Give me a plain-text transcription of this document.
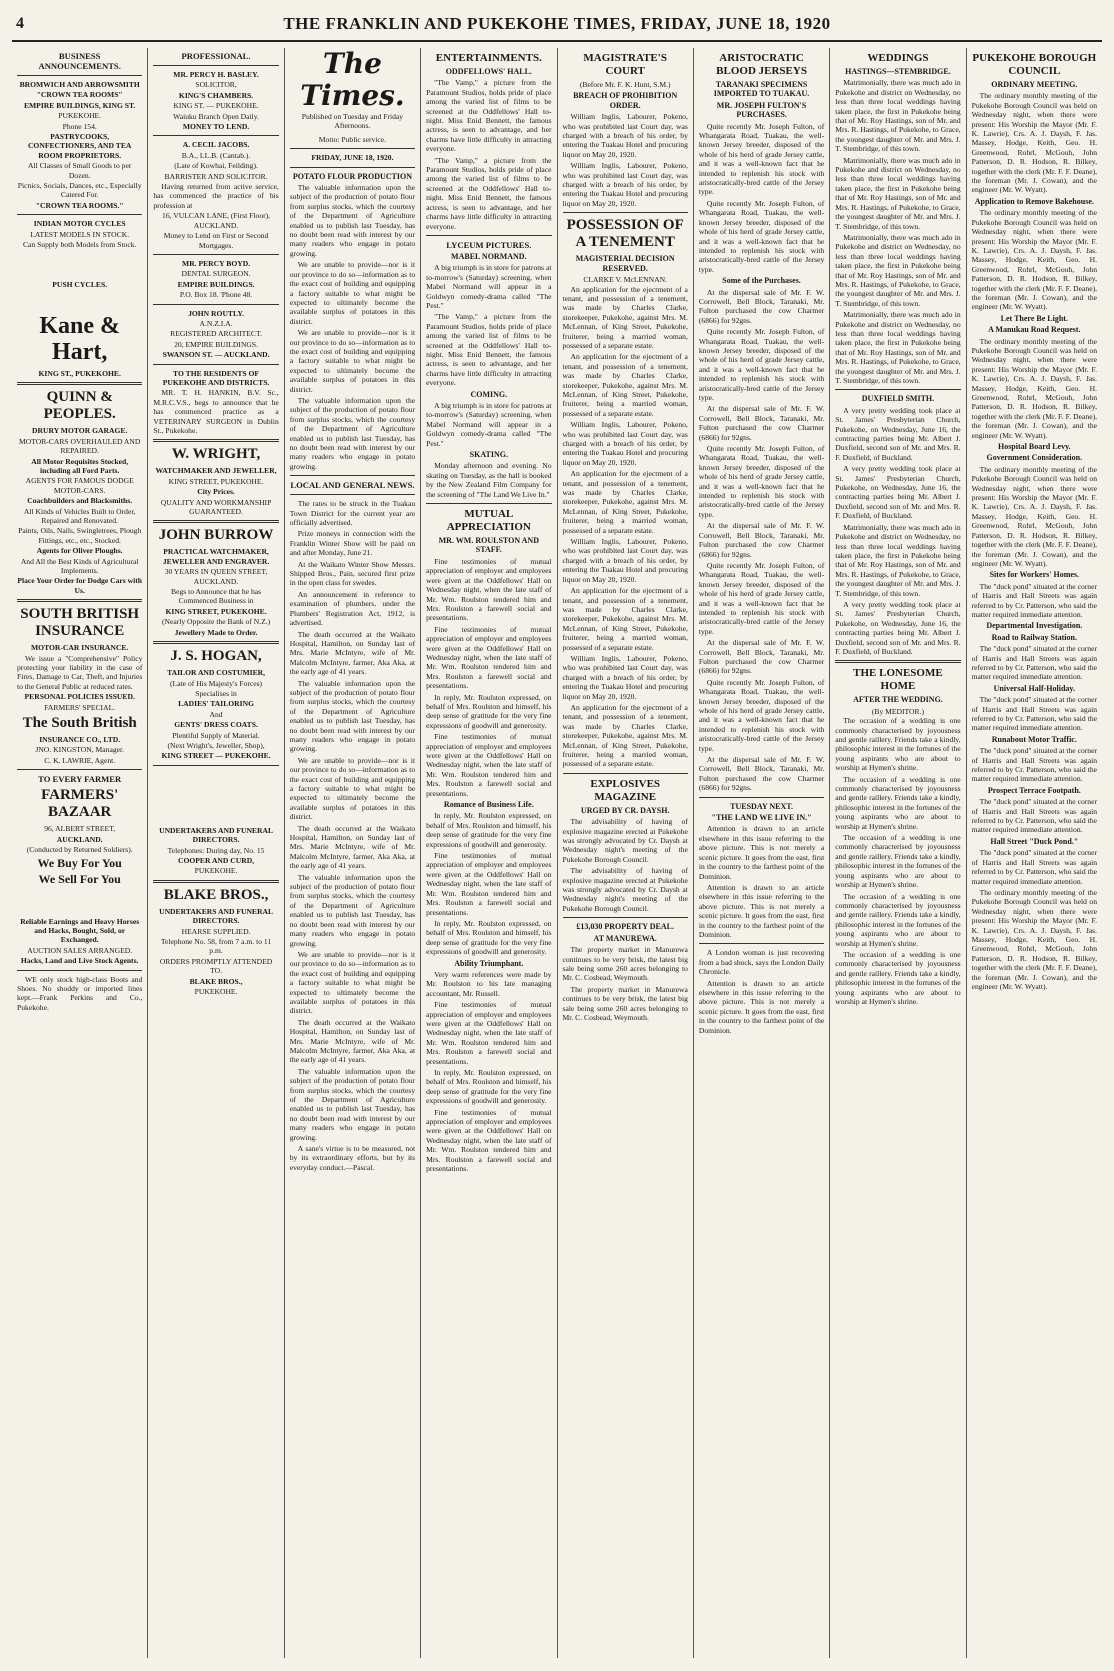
4	THE FRANKLIN AND PUKEKOHE TIMES, FRIDAY, JUNE 18, 1920
BUSINESS ANNOUNCEMENTS.

BROMWICH AND ARROWSMITH

"CROWN TEA ROOMS"

EMPIRE BUILDINGS, KING ST.

PUKEKOHE.

Phone 154.

PASTRYCOOKS, CONFECTIONERS, AND TEA ROOM PROPRIETORS.

All Classes of Small Goods to per Dozen.

Picnics, Socials, Dances, etc., Especially Catered For.

"CROWN TEA ROOMS."

INDIAN MOTOR CYCLES

LATEST MODELS IN STOCK.

Can Supply both Models from Stock.

PUSH CYCLES.

Kane & Hart,
KING ST., PUKEKOHE.
QUINN & PEOPLES.

DRURY MOTOR GARAGE.

MOTOR-CARS OVERHAULED AND REPAIRED.

All Motor Requisites Stocked, including all Ford Parts.

AGENTS FOR FAMOUS DODGE MOTOR-CARS.

Coachbuilders and Blacksmiths.

All Kinds of Vehicles Built to Order, Repaired and Renovated.

Paints, Oils, Nails, Swingletrees, Plough Fittings, etc., etc., Stocked.

Agents for Oliver Ploughs.

And All the Best Kinds of Agricultural Implements.

Place Your Order for Dodge Cars with Us.

SOUTH BRITISH INSURANCE

MOTOR-CAR INSURANCE.

We issue a "Comprehensive" Policy protecting your liability in the case of Fires, Damage to Car, Theft, and Injuries to the General Public at reduced rates.

PERSONAL POLICIES ISSUED.

FARMERS' SPECIAL.

The South British

INSURANCE CO., LTD.

JNO. KINGSTON, Manager.

C. K. LAWRIE, Agent.

TO EVERY FARMER
FARMERS' BAZAAR

96, ALBERT STREET,

AUCKLAND.

(Conducted by Returned Soldiers).

We Buy For You

We Sell For You

Reliable Earnings and Heavy Horses and Hacks, Bought, Sold, or Exchanged.

AUCTION SALES ARRANGED.

Hacks, Land and Live Stock Agents.

WE only stock high-class Boots and Shoes. No shoddy or imported lines kept.—Frank Perkins and Co., Pukekohe.

PROFESSIONAL.

MR. PERCY H. BASLEY.

SOLICITOR,

KING'S CHAMBERS.

KING ST. — PUKEKOHE.

Waiuku Branch Open Daily.

MONEY TO LEND.

A. CECIL JACOBS.

B.A., LL.B. (Cantab.).

(Late of Kowhai, Feilding).

BARRISTER AND SOLICITOR.

Having returned from active service, has commenced the practice of his profession at

16, VULCAN LANE, (First Floor), AUCKLAND.

Money to Lend on First or Second Mortgages.

MR. PERCY BOYD.

DENTAL SURGEON.

EMPIRE BUILDINGS.

P.O. Box 18. 'Phone 48.

JOHN ROUTLY.

A.N.Z.I.A.

REGISTERED ARCHITECT.

20, EMPIRE BUILDINGS.

SWANSON ST. — AUCKLAND.

TO THE RESIDENTS OF PUKEKOHE AND DISTRICTS.

MR. T. H. HANKIN, B.V. Sc., M.R.C.V.S., begs to announce that he has commenced practice as a VETERINARY SURGEON in Dublin St., Pukekohe.

W. WRIGHT,

WATCHMAKER AND JEWELLER,

KING STREET, PUKEKOHE.

City Prices.

QUALITY AND WORKMANSHIP GUARANTEED.

JOHN BURROW

PRACTICAL WATCHMAKER, JEWELLER AND ENGRAVER.

30 YEARS IN QUEEN STREET, AUCKLAND.

Begs to Announce that he has Commenced Business in

KING STREET, PUKEKOHE.

(Nearly Opposite the Bank of N.Z.)

Jewellery Made to Order.

J. S. HOGAN,

TAILOR AND COSTUMIER,

(Late of His Majesty's Forces)

Specialises in

LADIES' TAILORING

And

GENTS' DRESS COATS.

Plentiful Supply of Material.

(Next Wright's, Jeweller, Shop),

KING STREET — PUKEKOHE.

UNDERTAKERS AND FUNERAL DIRECTORS.

Telephones: During day, No. 15

COOPER AND CURD,

PUKEKOHE.

BLAKE BROS.,

UNDERTAKERS AND FUNERAL DIRECTORS.

HEARSE SUPPLIED.

Telephone No. 58, from 7 a.m. to 11 p.m.

ORDERS PROMPTLY ATTENDED TO.

BLAKE BROS.,

PUKEKOHE.

The Times.

Published on Tuesday and Friday Afternoons.

Motto: Public service.

FRIDAY, JUNE 18, 1920.

POTATO FLOUR PRODUCTION

The valuable information upon the subject of the production of potato flour from surplus stocks, which the courtesy of the Department of Agriculture enabled us to publish last Tuesday, has no doubt been read with interest by our many readers who engage in potato growing.

We are unable to provide—nor is it our province to do so—information as to the exact cost of building and equipping a factory suitable to what might be expected to ultimately become the available surplus of potatoes in this district.

We are unable to provide—nor is it our province to do so—information as to the exact cost of building and equipping a factory suitable to what might be expected to ultimately become the available surplus of potatoes in this district.

The valuable information upon the subject of the production of potato flour from surplus stocks, which the courtesy of the Department of Agriculture enabled us to publish last Tuesday, has no doubt been read with interest by our many readers who engage in potato growing.

LOCAL AND GENERAL NEWS.

The rates to be struck in the Tuakau Town District for the current year are officially advertised.

Prize moneys in connection with the Franklin Winter Show will be paid on and after Monday, June 21.

At the Waikato Winter Show Messrs. Shipped Bros., Pain, secured first prize in the open class for swedes.

An announcement in reference to examination of plumbers, under the Plumbers' Registration Act, 1912, is advertised.

The death occurred at the Waikato Hospital, Hamilton, on Sunday last of Mrs. Marie McIntyre, wife of Mr. Malcolm McIntyre, farmer, Aka Aka, at the early age of 41 years.

The valuable information upon the subject of the production of potato flour from surplus stocks, which the courtesy of the Department of Agriculture enabled us to publish last Tuesday, has no doubt been read with interest by our many readers who engage in potato growing.

We are unable to provide—nor is it our province to do so—information as to the exact cost of building and equipping a factory suitable to what might be expected to ultimately become the available surplus of potatoes in this district.

The death occurred at the Waikato Hospital, Hamilton, on Sunday last of Mrs. Marie McIntyre, wife of Mr. Malcolm McIntyre, farmer, Aka Aka, at the early age of 41 years.

The valuable information upon the subject of the production of potato flour from surplus stocks, which the courtesy of the Department of Agriculture enabled us to publish last Tuesday, has no doubt been read with interest by our many readers who engage in potato growing.

We are unable to provide—nor is it our province to do so—information as to the exact cost of building and equipping a factory suitable to what might be expected to ultimately become the available surplus of potatoes in this district.

The death occurred at the Waikato Hospital, Hamilton, on Sunday last of Mrs. Marie McIntyre, wife of Mr. Malcolm McIntyre, farmer, Aka Aka, at the early age of 41 years.

The valuable information upon the subject of the production of potato flour from surplus stocks, which the courtesy of the Department of Agriculture enabled us to publish last Tuesday, has no doubt been read with interest by our many readers who engage in potato growing.

A sane's virtue is to be measured, not by its extraordinary efforts, but by its everyday conduct.—Pascal.

ENTERTAINMENTS.
ODDFELLOWS' HALL.

"The Vamp," a picture from the Paramount Studios, holds pride of place among the varied list of films to be screened at the Oddfellows' Hall to-night. Miss Enid Bennett, the famous actress, is seen to advantage, and her charms have little difficulty in attracting everyone.

"The Vamp," a picture from the Paramount Studios, holds pride of place among the varied list of films to be screened at the Oddfellows' Hall to-night. Miss Enid Bennett, the famous actress, is seen to advantage, and her charms have little difficulty in attracting everyone.

LYCEUM PICTURES.
MABEL NORMAND.

A big triumph is in store for patrons at to-morrow's (Saturday) screening, when Mabel Normand will appear in a Goldwyn comedy-drama called "The Pest."

"The Vamp," a picture from the Paramount Studios, holds pride of place among the varied list of films to be screened at the Oddfellows' Hall to-night. Miss Enid Bennett, the famous actress, is seen to advantage, and her charms have little difficulty in attracting everyone.

COMING.

A big triumph is in store for patrons at to-morrow's (Saturday) screening, when Mabel Normand will appear in a Goldwyn comedy-drama called "The Pest."

SKATING.

Monday afternoon and evening. No skating on Tuesday, as the hall is booked by the New Zealand Film Company for the screening of "The Land We Live In."

MUTUAL APPRECIATION
MR. WM. ROULSTON AND STAFF.

Fine testimonies of mutual appreciation of employer and employees were given at the Oddfellows' Hall on Wednesday night, when the late staff of Mr. Wm. Roulston tendered him and Mrs. Roulston a farewell social and presentations.

Fine testimonies of mutual appreciation of employer and employees were given at the Oddfellows' Hall on Wednesday night, when the late staff of Mr. Wm. Roulston tendered him and Mrs. Roulston a farewell social and presentations.

In reply, Mr. Roulston expressed, on behalf of Mrs. Roulston and himself, his deep sense of gratitude for the very fine expressions of goodwill and generosity.

Fine testimonies of mutual appreciation of employer and employees were given at the Oddfellows' Hall on Wednesday night, when the late staff of Mr. Wm. Roulston tendered him and Mrs. Roulston a farewell social and presentations.

Romance of Business Life.

In reply, Mr. Roulston expressed, on behalf of Mrs. Roulston and himself, his deep sense of gratitude for the very fine expressions of goodwill and generosity.

Fine testimonies of mutual appreciation of employer and employees were given at the Oddfellows' Hall on Wednesday night, when the late staff of Mr. Wm. Roulston tendered him and Mrs. Roulston a farewell social and presentations.

In reply, Mr. Roulston expressed, on behalf of Mrs. Roulston and himself, his deep sense of gratitude for the very fine expressions of goodwill and generosity.

Ability Triumphant.

Very warm references were made by Mr. Roulston to his late managing accountant, Mr. Russell.

Fine testimonies of mutual appreciation of employer and employees were given at the Oddfellows' Hall on Wednesday night, when the late staff of Mr. Wm. Roulston tendered him and Mrs. Roulston a farewell social and presentations.

In reply, Mr. Roulston expressed, on behalf of Mrs. Roulston and himself, his deep sense of gratitude for the very fine expressions of goodwill and generosity.

Fine testimonies of mutual appreciation of employer and employees were given at the Oddfellows' Hall on Wednesday night, when the late staff of Mr. Wm. Roulston tendered him and Mrs. Roulston a farewell social and presentations.

MAGISTRATE'S COURT

(Before Mr. F. K. Hunt, S.M.)

BREACH OF PROHIBITION ORDER.

William Inglis, Labourer, Pokeno, who was prohibited last Court day, was charged with a breach of his order, by entering the Tuakau Hotel and procuring liquor on May 20, 1920.

William Inglis, Labourer, Pokeno, who was prohibited last Court day, was charged with a breach of his order, by entering the Tuakau Hotel and procuring liquor on May 20, 1920.

POSSESSION OF A TENEMENT
MAGISTERIAL DECISION RESERVED.

CLARKE V. McLENNAN.

An application for the ejectment of a tenant, and possession of a tenement, was made by Charles Clarke, storekeeper, Pukekohe, against Mrs. M. McLennan, of King Street, Pukekohe, fruiterer, being a married woman, possessed of a separate estate.

An application for the ejectment of a tenant, and possession of a tenement, was made by Charles Clarke, storekeeper, Pukekohe, against Mrs. M. McLennan, of King Street, Pukekohe, fruiterer, being a married woman, possessed of a separate estate.

William Inglis, Labourer, Pokeno, who was prohibited last Court day, was charged with a breach of his order, by entering the Tuakau Hotel and procuring liquor on May 20, 1920.

An application for the ejectment of a tenant, and possession of a tenement, was made by Charles Clarke, storekeeper, Pukekohe, against Mrs. M. McLennan, of King Street, Pukekohe, fruiterer, being a married woman, possessed of a separate estate.

William Inglis, Labourer, Pokeno, who was prohibited last Court day, was charged with a breach of his order, by entering the Tuakau Hotel and procuring liquor on May 20, 1920.

An application for the ejectment of a tenant, and possession of a tenement, was made by Charles Clarke, storekeeper, Pukekohe, against Mrs. M. McLennan, of King Street, Pukekohe, fruiterer, being a married woman, possessed of a separate estate.

William Inglis, Labourer, Pokeno, who was prohibited last Court day, was charged with a breach of his order, by entering the Tuakau Hotel and procuring liquor on May 20, 1920.

An application for the ejectment of a tenant, and possession of a tenement, was made by Charles Clarke, storekeeper, Pukekohe, against Mrs. M. McLennan, of King Street, Pukekohe, fruiterer, being a married woman, possessed of a separate estate.

EXPLOSIVES MAGAZINE
URGED BY CR. DAYSH.

The advisability of having of explosive magazine erected at Pukekohe was strongly advocated by Cr. Daysh at Wednesday night's meeting of the Pukekohe Borough Council.

The advisability of having of explosive magazine erected at Pukekohe was strongly advocated by Cr. Daysh at Wednesday night's meeting of the Pukekohe Borough Council.

£13,030 PROPERTY DEAL.
AT MANUREWA.

The property market in Manurewa continues to be very brisk, the latest big sale being some 260 acres belonging to Mr. C. Cosbead, Weymouth.

The property market in Manurewa continues to be very brisk, the latest big sale being some 260 acres belonging to Mr. C. Cosbead, Weymouth.

ARISTOCRATIC BLOOD JERSEYS
TARANAKI SPECIMENS IMPORTED TO TUAKAU.
MR. JOSEPH FULTON'S PURCHASES.

Quite recently Mr. Joseph Fulton, of Whangarata Road, Tuakau, the well-known Jersey breeder, disposed of the whole of his herd of grade Jersey cattle, and it was a well-known fact that he intended to replenish his stock with aristocratically-bred cattle of the Jersey type.

Quite recently Mr. Joseph Fulton, of Whangarata Road, Tuakau, the well-known Jersey breeder, disposed of the whole of his herd of grade Jersey cattle, and it was a well-known fact that he intended to replenish his stock with aristocratically-bred cattle of the Jersey type.

Some of the Purchases.

At the dispersal sale of Mr. F. W. Corrowell, Bell Block, Taranaki, Mr. Fulton purchased the cow Charmer (6866) for 92gns.

Quite recently Mr. Joseph Fulton, of Whangarata Road, Tuakau, the well-known Jersey breeder, disposed of the whole of his herd of grade Jersey cattle, and it was a well-known fact that he intended to replenish his stock with aristocratically-bred cattle of the Jersey type.

At the dispersal sale of Mr. F. W. Corrowell, Bell Block, Taranaki, Mr. Fulton purchased the cow Charmer (6866) for 92gns.

Quite recently Mr. Joseph Fulton, of Whangarata Road, Tuakau, the well-known Jersey breeder, disposed of the whole of his herd of grade Jersey cattle, and it was a well-known fact that he intended to replenish his stock with aristocratically-bred cattle of the Jersey type.

At the dispersal sale of Mr. F. W. Corrowell, Bell Block, Taranaki, Mr. Fulton purchased the cow Charmer (6866) for 92gns.

Quite recently Mr. Joseph Fulton, of Whangarata Road, Tuakau, the well-known Jersey breeder, disposed of the whole of his herd of grade Jersey cattle, and it was a well-known fact that he intended to replenish his stock with aristocratically-bred cattle of the Jersey type.

At the dispersal sale of Mr. F. W. Corrowell, Bell Block, Taranaki, Mr. Fulton purchased the cow Charmer (6866) for 92gns.

Quite recently Mr. Joseph Fulton, of Whangarata Road, Tuakau, the well-known Jersey breeder, disposed of the whole of his herd of grade Jersey cattle, and it was a well-known fact that he intended to replenish his stock with aristocratically-bred cattle of the Jersey type.

At the dispersal sale of Mr. F. W. Corrowell, Bell Block, Taranaki, Mr. Fulton purchased the cow Charmer (6866) for 92gns.

TUESDAY NEXT.
"THE LAND WE LIVE IN."

Attention is drawn to an article elsewhere in this issue referring to the above picture. This is not merely a scenic picture. It goes from the east, first in the country to the farthest point of the Dominion.

Attention is drawn to an article elsewhere in this issue referring to the above picture. This is not merely a scenic picture. It goes from the east, first in the country to the farthest point of the Dominion.

A London woman is just recovering from a bad shock, says the London Daily Chronicle.

Attention is drawn to an article elsewhere in this issue referring to the above picture. This is not merely a scenic picture. It goes from the east, first in the country to the farthest point of the Dominion.

WEDDINGS
HASTINGS—STEMBRIDGE.

Matrimonially, there was much ado in Pukekohe and district on Wednesday, no less than three local weddings having taken place, the first in Pukekohe being that of Mr. Roy Hastings, son of Mr. and Mrs. R. Hastings, of Pukekohe, to Grace, the youngest daughter of Mr. and Mrs. J. T. Stembridge, of this town.

Matrimonially, there was much ado in Pukekohe and district on Wednesday, no less than three local weddings having taken place, the first in Pukekohe being that of Mr. Roy Hastings, son of Mr. and Mrs. R. Hastings, of Pukekohe, to Grace, the youngest daughter of Mr. and Mrs. J. T. Stembridge, of this town.

Matrimonially, there was much ado in Pukekohe and district on Wednesday, no less than three local weddings having taken place, the first in Pukekohe being that of Mr. Roy Hastings, son of Mr. and Mrs. R. Hastings, of Pukekohe, to Grace, the youngest daughter of Mr. and Mrs. J. T. Stembridge, of this town.

Matrimonially, there was much ado in Pukekohe and district on Wednesday, no less than three local weddings having taken place, the first in Pukekohe being that of Mr. Roy Hastings, son of Mr. and Mrs. R. Hastings, of Pukekohe, to Grace, the youngest daughter of Mr. and Mrs. J. T. Stembridge, of this town.

DUXFIELD SMITH.

A very pretty wedding took place at St. James' Presbyterian Church, Pukekohe, on Wednesday, June 16, the contracting parties being Mr. Albert J. Duxfield, second son of Mr. and Mrs. R. F. Duxfield, of Buckland.

A very pretty wedding took place at St. James' Presbyterian Church, Pukekohe, on Wednesday, June 16, the contracting parties being Mr. Albert J. Duxfield, second son of Mr. and Mrs. R. F. Duxfield, of Buckland.

Matrimonially, there was much ado in Pukekohe and district on Wednesday, no less than three local weddings having taken place, the first in Pukekohe being that of Mr. Roy Hastings, son of Mr. and Mrs. R. Hastings, of Pukekohe, to Grace, the youngest daughter of Mr. and Mrs. J. T. Stembridge, of this town.

A very pretty wedding took place at St. James' Presbyterian Church, Pukekohe, on Wednesday, June 16, the contracting parties being Mr. Albert J. Duxfield, second son of Mr. and Mrs. R. F. Duxfield, of Buckland.

THE LONESOME HOME
AFTER THE WEDDING.

(By MEDITOR.)

The occasion of a wedding is one commonly characterised by joyousness and gentle raillery. Friends take a kindly, philosophic interest in the fortunes of the young aspirants who are about to worship at Hymen's shrine.

The occasion of a wedding is one commonly characterised by joyousness and gentle raillery. Friends take a kindly, philosophic interest in the fortunes of the young aspirants who are about to worship at Hymen's shrine.

The occasion of a wedding is one commonly characterised by joyousness and gentle raillery. Friends take a kindly, philosophic interest in the fortunes of the young aspirants who are about to worship at Hymen's shrine.

The occasion of a wedding is one commonly characterised by joyousness and gentle raillery. Friends take a kindly, philosophic interest in the fortunes of the young aspirants who are about to worship at Hymen's shrine.

The occasion of a wedding is one commonly characterised by joyousness and gentle raillery. Friends take a kindly, philosophic interest in the fortunes of the young aspirants who are about to worship at Hymen's shrine.

PUKEKOHE BOROUGH COUNCIL
ORDINARY MEETING.

The ordinary monthly meeting of the Pukekohe Borough Council was held on Wednesday night, when there were present: His Worship the Mayor (Mr. F. K. Lawrie), Crs. A. J. Daysh, F. Jas. Massey, Hodge, Keith, Geo. H. Greenwood, Rohrl, McGouh, John Patterson, D. R. Hodson, R. Bilkey, together with the clerk (Mr. F. F. Deane), the foreman (Mr. J. Cowan), and the engineer (Mr. W. Wyatt).

Application to Remove Bakehouse.

The ordinary monthly meeting of the Pukekohe Borough Council was held on Wednesday night, when there were present: His Worship the Mayor (Mr. F. K. Lawrie), Crs. A. J. Daysh, F. Jas. Massey, Hodge, Keith, Geo. H. Greenwood, Rohrl, McGouh, John Patterson, D. R. Hodson, R. Bilkey, together with the clerk (Mr. F. F. Deane), the foreman (Mr. J. Cowan), and the engineer (Mr. W. Wyatt).

Let There Be Light.
A Manukau Road Request.

The ordinary monthly meeting of the Pukekohe Borough Council was held on Wednesday night, when there were present: His Worship the Mayor (Mr. F. K. Lawrie), Crs. A. J. Daysh, F. Jas. Massey, Hodge, Keith, Geo. H. Greenwood, Rohrl, McGouh, John Patterson, D. R. Hodson, R. Bilkey, together with the clerk (Mr. F. F. Deane), the foreman (Mr. J. Cowan), and the engineer (Mr. W. Wyatt).

Hospital Board Levy.
Government Consideration.

The ordinary monthly meeting of the Pukekohe Borough Council was held on Wednesday night, when there were present: His Worship the Mayor (Mr. F. K. Lawrie), Crs. A. J. Daysh, F. Jas. Massey, Hodge, Keith, Geo. H. Greenwood, Rohrl, McGouh, John Patterson, D. R. Hodson, R. Bilkey, together with the clerk (Mr. F. F. Deane), the foreman (Mr. J. Cowan), and the engineer (Mr. W. Wyatt).

Sites for Workers' Homes.

The "duck pond" situated at the corner of Harris and Hall Streets was again referred to by Cr. Patterson, who said the matter required immediate attention.

Departmental Investigation.
Road to Railway Station.

The "duck pond" situated at the corner of Harris and Hall Streets was again referred to by Cr. Patterson, who said the matter required immediate attention.

Universal Half-Holiday.

The "duck pond" situated at the corner of Harris and Hall Streets was again referred to by Cr. Patterson, who said the matter required immediate attention.

Runabout Motor Traffic.

The "duck pond" situated at the corner of Harris and Hall Streets was again referred to by Cr. Patterson, who said the matter required immediate attention.

Prospect Terrace Footpath.

The "duck pond" situated at the corner of Harris and Hall Streets was again referred to by Cr. Patterson, who said the matter required immediate attention.

Hall Street "Duck Pond."

The "duck pond" situated at the corner of Harris and Hall Streets was again referred to by Cr. Patterson, who said the matter required immediate attention.

The ordinary monthly meeting of the Pukekohe Borough Council was held on Wednesday night, when there were present: His Worship the Mayor (Mr. F. K. Lawrie), Crs. A. J. Daysh, F. Jas. Massey, Hodge, Keith, Geo. H. Greenwood, Rohrl, McGouh, John Patterson, D. R. Hodson, R. Bilkey, together with the clerk (Mr. F. F. Deane), the foreman (Mr. J. Cowan), and the engineer (Mr. W. Wyatt).
